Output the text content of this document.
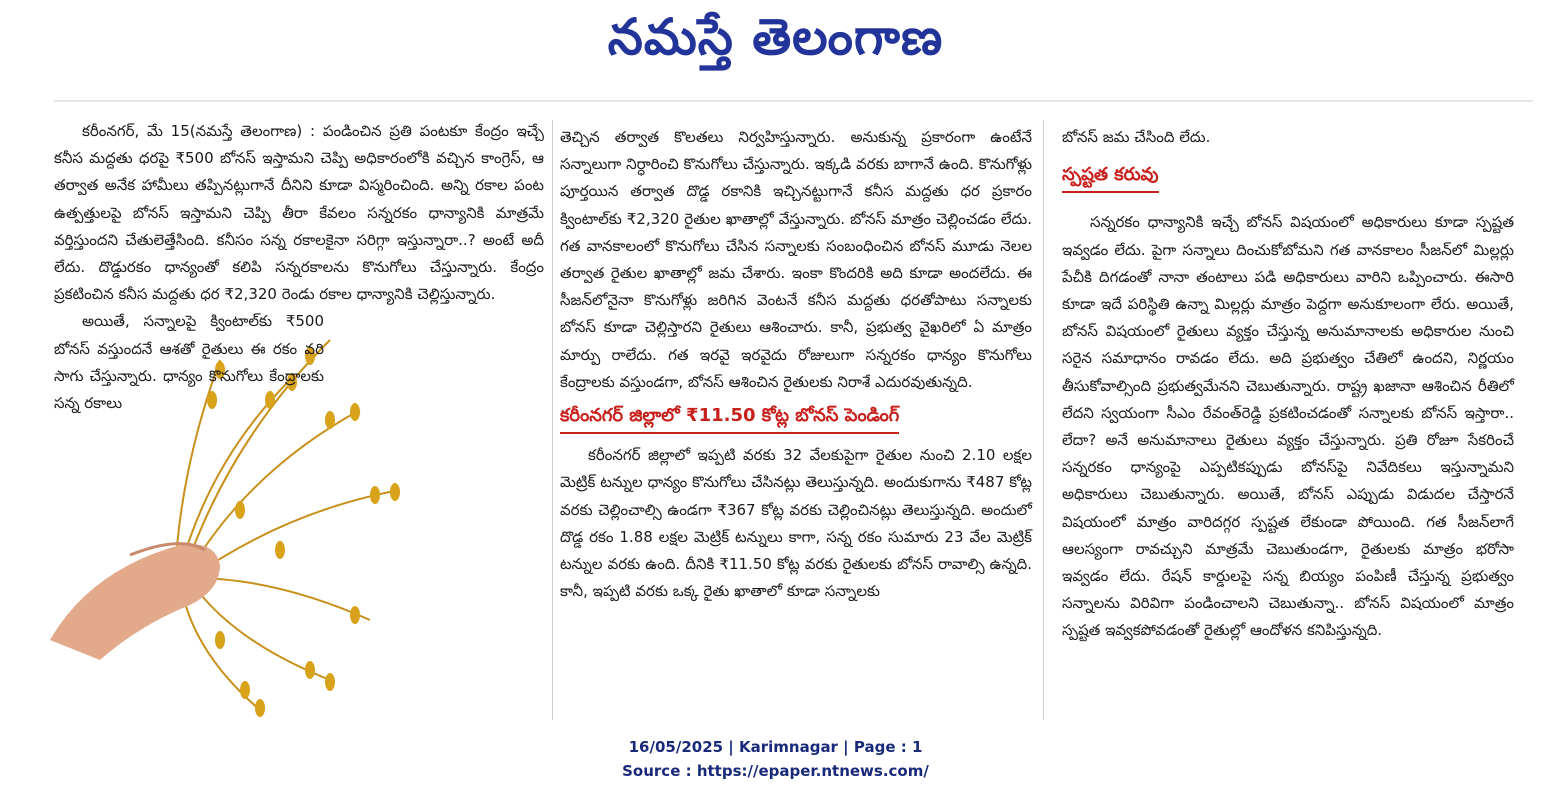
నమస్తే తెలంగాణ

కరీంనగర్, మే 15(నమస్తే తెలంగాణ) : పండించిన ప్రతి పంటకూ కేంద్రం ఇచ్చే కనీస మద్దతు ధరపై ₹500 బోనస్ ఇస్తామని చెప్పి అధికారంలోకి వచ్చిన కాంగ్రెస్, ఆ తర్వాత అనేక హామీలు తప్పినట్లుగానే దీనిని కూడా విస్మరించింది. అన్ని రకాల పంట ఉత్పత్తులపై బోనస్ ఇస్తామని చెప్పి తీరా కేవలం సన్నరకం ధాన్యానికి మాత్రమే వర్తిస్తుందని చేతులెత్తేసింది. కనీసం సన్న రకాలకైనా సరిగ్గా ఇస్తున్నారా..? అంటే అదీ లేదు. దొడ్డురకం ధాన్యంతో కలిపి సన్నరకాలను కొనుగోలు చేస్తున్నారు. కేంద్రం ప్రకటించిన కనీస మద్దతు ధర ₹2,320 రెండు రకాల ధాన్యానికి చెల్లిస్తున్నారు.

అయితే, సన్నాలపై క్వింటాల్‌కు ₹500 బోనస్ వస్తుందనే ఆశతో రైతులు ఈ రకం వరి సాగు చేస్తున్నారు. ధాన్యం కొనుగోలు కేంద్రాలకు సన్న రకాలు

తెచ్చిన తర్వాత కొలతలు నిర్వహిస్తున్నారు. అనుకున్న ప్రకారంగా ఉంటేనే సన్నాలుగా నిర్ధారించి కొనుగోలు చేస్తున్నారు. ఇక్కడి వరకు బాగానే ఉంది. కొనుగోళ్లు పూర్తయిన తర్వాత దొడ్డ రకానికి ఇచ్చినట్టుగానే కనీస మద్దతు ధర ప్రకారం క్వింటాల్‌కు ₹2,320 రైతుల ఖాతాల్లో వేస్తున్నారు. బోనస్ మాత్రం చెల్లించడం లేదు. గత వానకాలంలో కొనుగోలు చేసిన సన్నాలకు సంబంధించిన బోనస్ మూడు నెలల తర్వాత రైతుల ఖాతాల్లో జమ చేశారు. ఇంకా కొందరికి అది కూడా అందలేదు. ఈ సీజన్‌లోనైనా కొనుగోళ్లు జరిగిన వెంటనే కనీస మద్దతు ధరతోపాటు సన్నాలకు బోనస్ కూడా చెల్లిస్తారని రైతులు ఆశించారు. కానీ, ప్రభుత్వ వైఖరిలో ఏ మాత్రం మార్పు రాలేదు. గత ఇరవై ఇరవైదు రోజులుగా సన్నరకం ధాన్యం కొనుగోలు కేంద్రాలకు వస్తుండగా, బోనస్ ఆశించిన రైతులకు నిరాశే ఎదురవుతున్నది.

కరీంనగర్ జిల్లాలో ₹11.50 కోట్ల బోనస్ పెండింగ్

కరీంనగర్ జిల్లాలో ఇప్పటి వరకు 32 వేలకుపైగా రైతుల నుంచి 2.10 లక్షల మెట్రిక్ టన్నుల ధాన్యం కొనుగోలు చేసినట్లు తెలుస్తున్నది. అందుకుగాను ₹487 కోట్ల వరకు చెల్లించాల్సి ఉండగా ₹367 కోట్ల వరకు చెల్లించినట్లు తెలుస్తున్నది. అందులో దొడ్డ రకం 1.88 లక్షల మెట్రిక్ టన్నులు కాగా, సన్న రకం సుమారు 23 వేల మెట్రిక్ టన్నుల వరకు ఉంది. దీనికి ₹11.50 కోట్ల వరకు రైతులకు బోనస్ రావాల్సి ఉన్నది. కానీ, ఇప్పటి వరకు ఒక్క రైతు ఖాతాలో కూడా సన్నాలకు

బోనస్ జమ చేసింది లేదు.

స్పష్టత కరువు

సన్నరకం ధాన్యానికి ఇచ్చే బోనస్ విషయంలో అధికారులు కూడా స్పష్టత ఇవ్వడం లేదు. పైగా సన్నాలు దించుకోబోమని గత వానకాలం సీజన్‌లో మిల్లర్లు పేచీకి దిగడంతో నానా తంటాలు పడి అధికారులు వారిని ఒప్పించారు. ఈసారి కూడా ఇదే పరిస్థితి ఉన్నా మిల్లర్లు మాత్రం పెద్దగా అనుకూలంగా లేరు. అయితే, బోనస్ విషయంలో రైతులు వ్యక్తం చేస్తున్న అనుమానాలకు అధికారుల నుంచి సరైన సమాధానం రావడం లేదు. అది ప్రభుత్వం చేతిలో ఉందని, నిర్ణయం తీసుకోవాల్సింది ప్రభుత్వమేనని చెబుతున్నారు. రాష్ట్ర ఖజానా ఆశించిన రీతిలో లేదని స్వయంగా సీఎం రేవంత్‌రెడ్డి ప్రకటించడంతో సన్నాలకు బోనస్ ఇస్తారా.. లేదా? అనే అనుమానాలు రైతులు వ్యక్తం చేస్తున్నారు. ప్రతి రోజూ సేకరించే సన్నరకం ధాన్యంపై ఎప్పటికప్పుడు బోనస్‌పై నివేదికలు ఇస్తున్నామని అధికారులు చెబుతున్నారు. అయితే, బోనస్ ఎప్పుడు విడుదల చేస్తారనే విషయంలో మాత్రం వారిదగ్గర స్పష్టత లేకుండా పోయింది. గత సీజన్‌లాగే ఆలస్యంగా రావచ్చుని మాత్రమే చెబుతుండగా, రైతులకు మాత్రం భరోసా ఇవ్వడం లేదు. రేషన్ కార్డులపై సన్న బియ్యం పంపిణీ చేస్తున్న ప్రభుత్వం సన్నాలను విరివిగా పండించాలని చెబుతున్నా.. బోనస్ విషయంలో మాత్రం స్పష్టత ఇవ్వకపోవడంతో రైతుల్లో ఆందోళన కనిపిస్తున్నది.

16/05/2025 | Karimnagar | Page : 1
Source : https://epaper.ntnews.com/
